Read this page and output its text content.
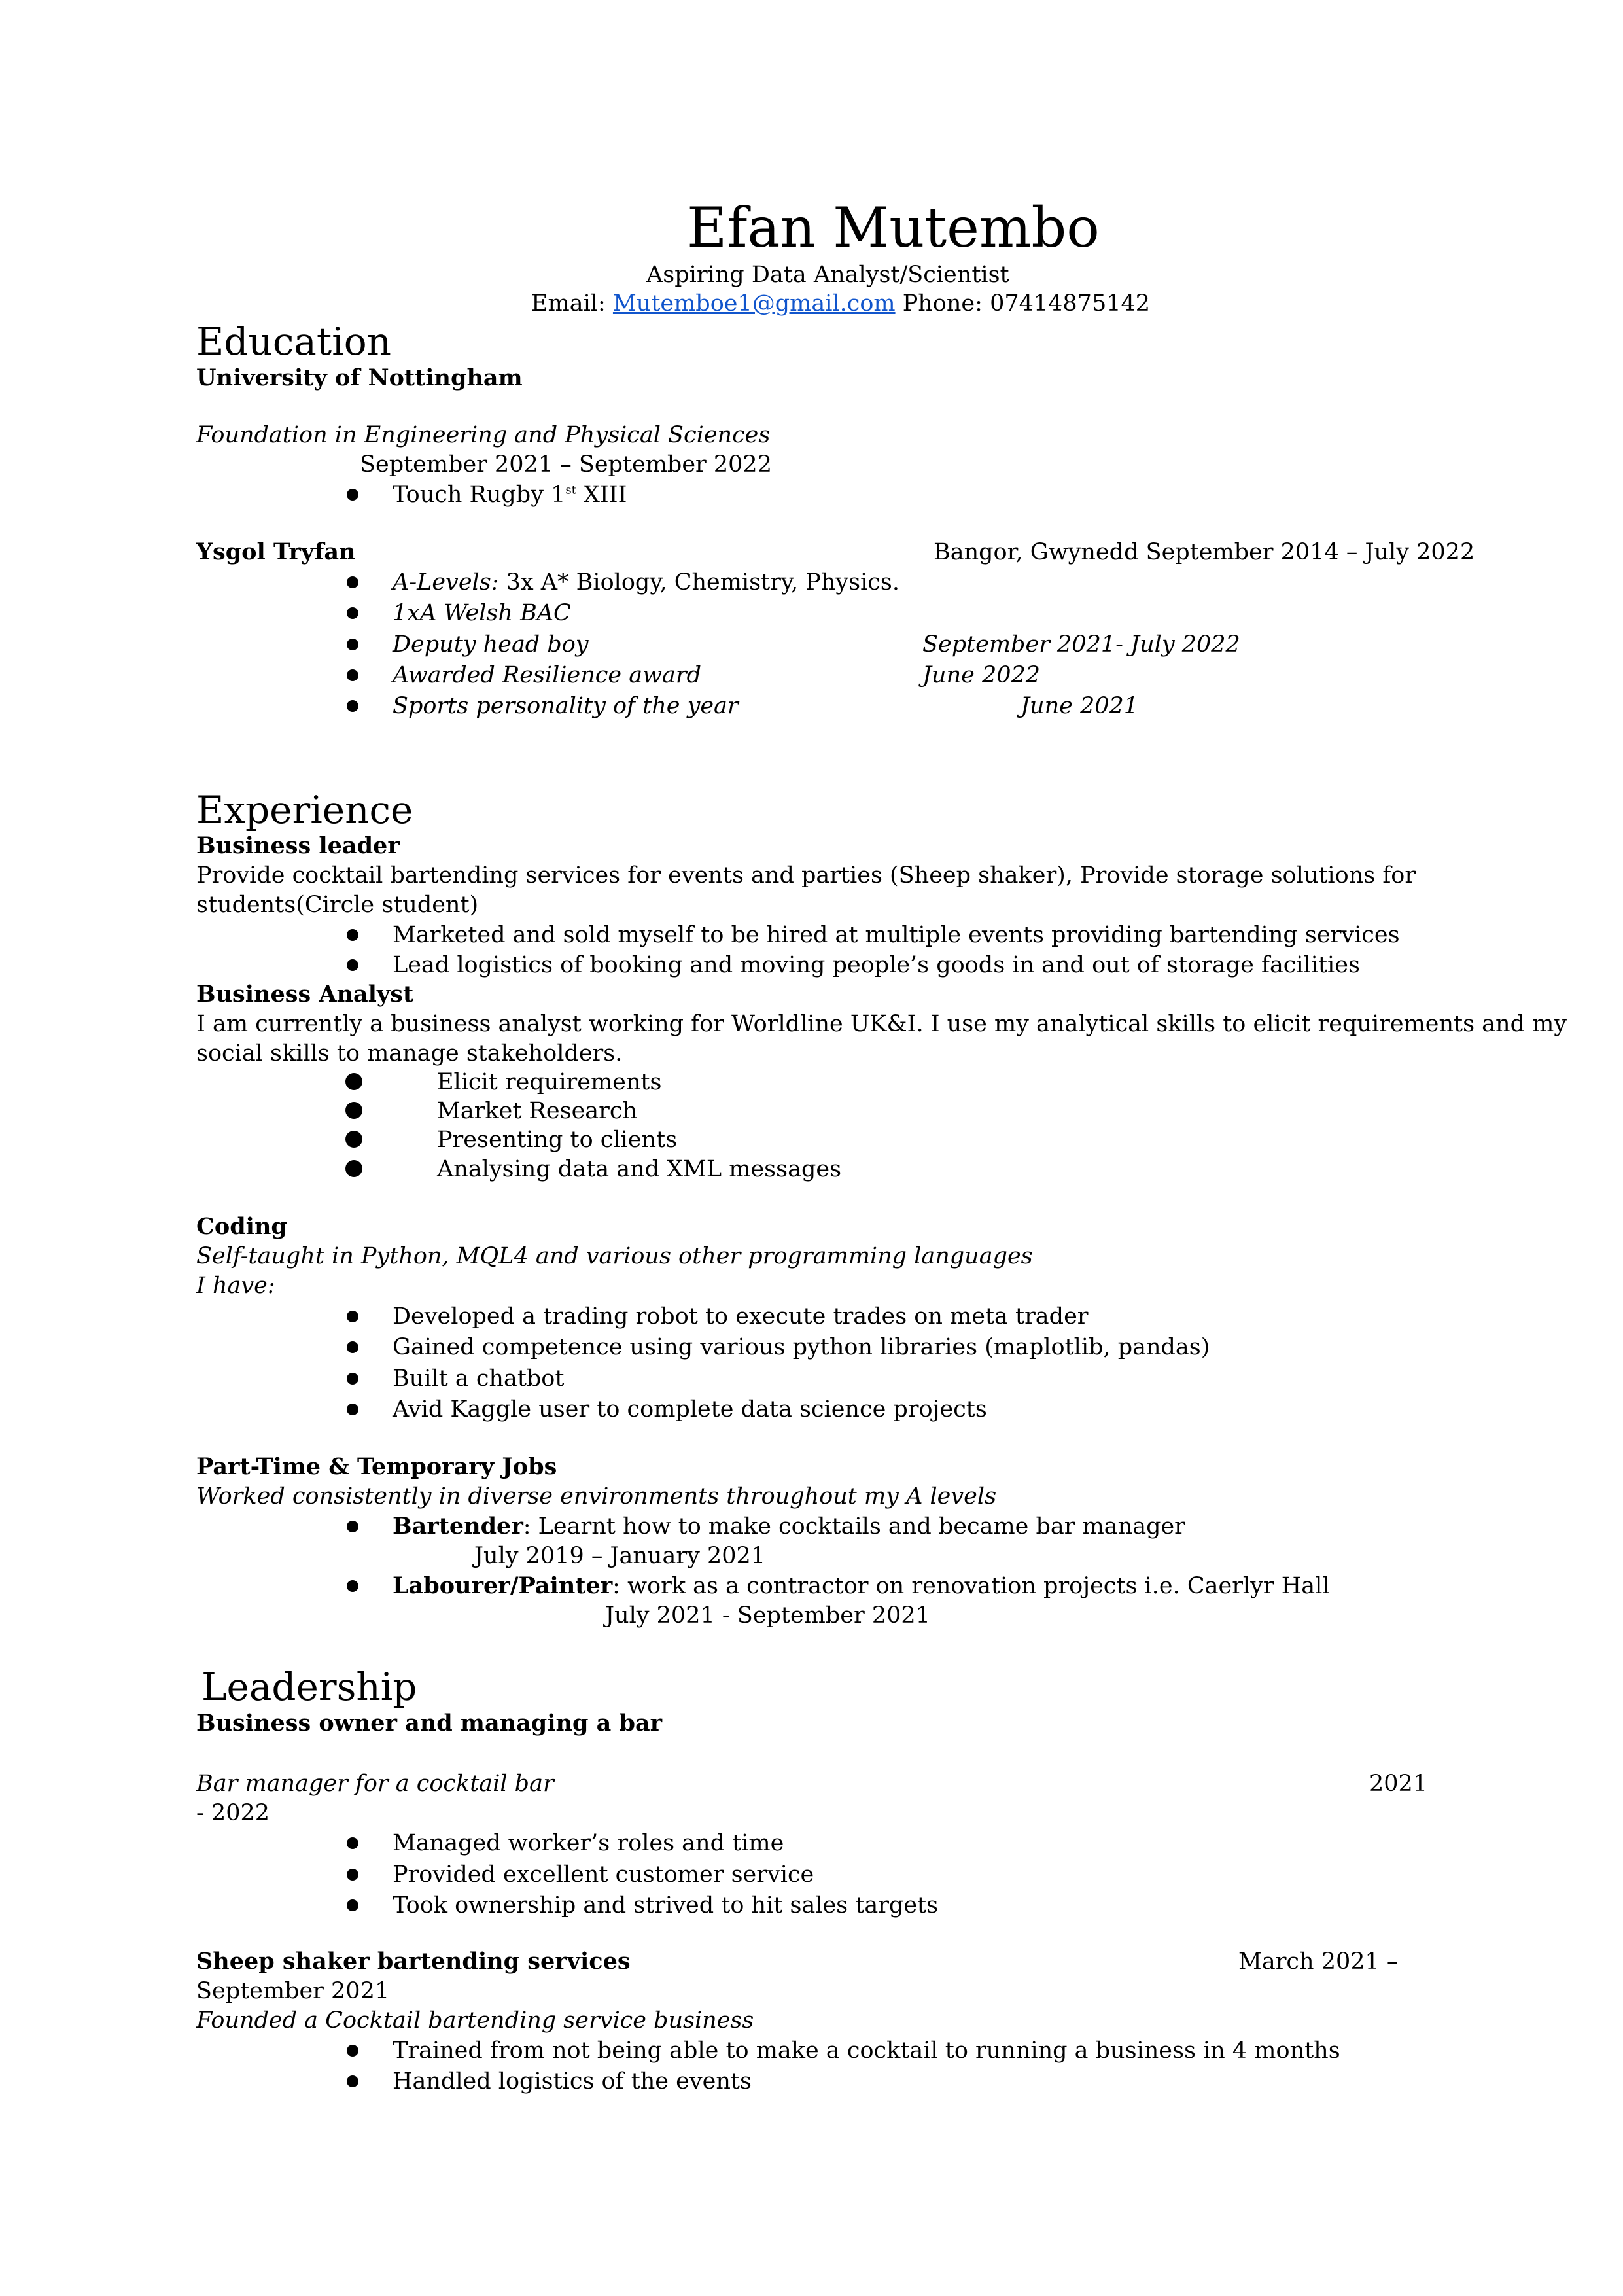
Efan Mutembo
Aspiring Data Analyst/Scientist
Email: Mutemboe1@gmail.com Phone: 07414875142
Education
University of Nottingham
Foundation in Engineering and Physical Sciences
September 2021 – September 2022
Touch Rugby 1st XIII
Ysgol Tryfan	Bangor, Gwynedd September 2014 – July 2022
A-Levels: 3x A* Biology, Chemistry, Physics.
1xA Welsh BAC
Deputy head boy	September 2021- July 2022
Awarded Resilience award	June 2022
Sports personality of the year	June 2021
Experience
Business leader
Provide cocktail bartending services for events and parties (Sheep shaker), Provide storage solutions for
students(Circle student)
Marketed and sold myself to be hired at multiple events providing bartending services
Lead logistics of booking and moving people’s goods in and out of storage facilities
Business Analyst
I am currently a business analyst working for Worldline UK&I. I use my analytical skills to elicit requirements and my
social skills to manage stakeholders.
Elicit requirements
Market Research
Presenting to clients
Analysing data and XML messages
Coding
Self-taught in Python, MQL4 and various other programming languages
I have:
Developed a trading robot to execute trades on meta trader
Gained competence using various python libraries (maplotlib, pandas)
Built a chatbot
Avid Kaggle user to complete data science projects
Part-Time & Temporary Jobs
Worked consistently in diverse environments throughout my A levels
Bartender: Learnt how to make cocktails and became bar manager
July 2019 – January 2021
Labourer/Painter: work as a contractor on renovation projects i.e. Caerlyr Hall
July 2021 - September 2021
Leadership
Business owner and managing a bar
Bar manager for a cocktail bar	2021
- 2022
Managed worker’s roles and time
Provided excellent customer service
Took ownership and strived to hit sales targets
Sheep shaker bartending services	March 2021 –
September 2021
Founded a Cocktail bartending service business
Trained from not being able to make a cocktail to running a business in 4 months
Handled logistics of the events
